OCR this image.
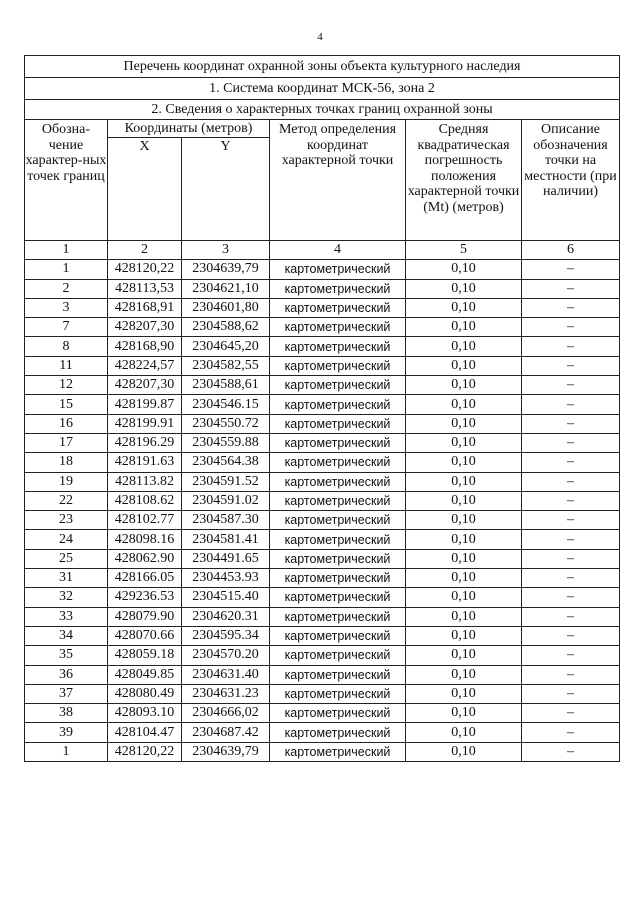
4
Перечень координат охранной зоны объекта культурного наследия					
1. Система координат МСК-56, зона 2					
2. Сведения о характерных точках границ охранной зоны					
Обозна-чение характер-ных точек границ	Координаты (метров)		Метод определения координат характерной точки	Средняя квадратическая погрешность положения характерной точки (Mt) (метров)	Описание обозначения точки на местности (при наличии)
	X	Y			
1	2	3	4	5	6
1	428120,22	2304639,79	картометрический	0,10	–
2	428113,53	2304621,10	картометрический	0,10	–
3	428168,91	2304601,80	картометрический	0,10	–
7	428207,30	2304588,62	картометрический	0,10	–
8	428168,90	2304645,20	картометрический	0,10	–
11	428224,57	2304582,55	картометрический	0,10	–
12	428207,30	2304588,61	картометрический	0,10	–
15	428199.87	2304546.15	картометрический	0,10	–
16	428199.91	2304550.72	картометрический	0,10	–
17	428196.29	2304559.88	картометрический	0,10	–
18	428191.63	2304564.38	картометрический	0,10	–
19	428113.82	2304591.52	картометрический	0,10	–
22	428108.62	2304591.02	картометрический	0,10	–
23	428102.77	2304587.30	картометрический	0,10	–
24	428098.16	2304581.41	картометрический	0,10	–
25	428062.90	2304491.65	картометрический	0,10	–
31	428166.05	2304453.93	картометрический	0,10	–
32	429236.53	2304515.40	картометрический	0,10	–
33	428079.90	2304620.31	картометрический	0,10	–
34	428070.66	2304595.34	картометрический	0,10	–
35	428059.18	2304570.20	картометрический	0,10	–
36	428049.85	2304631.40	картометрический	0,10	–
37	428080.49	2304631.23	картометрический	0,10	–
38	428093.10	2304666,02	картометрический	0,10	–
39	428104.47	2304687.42	картометрический	0,10	–
1	428120,22	2304639,79	картометрический	0,10	–
